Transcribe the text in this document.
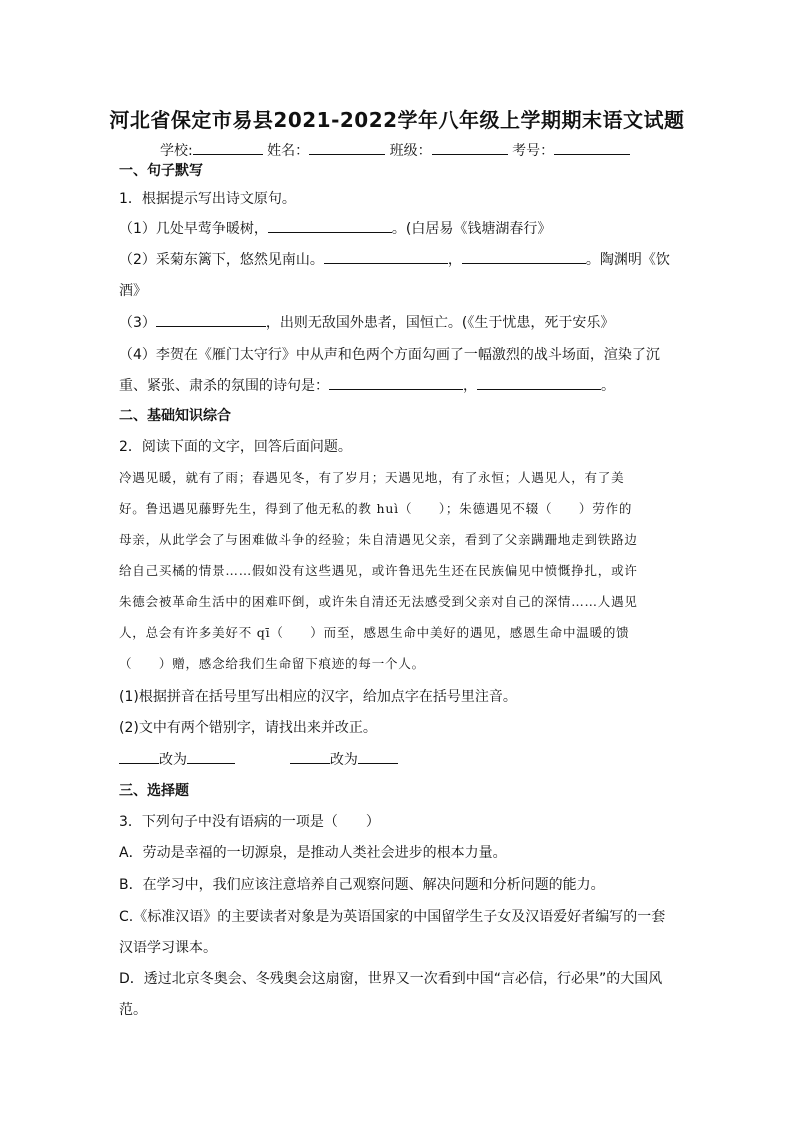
河北省保定市易县2021-2022学年八年级上学期期末语文试题
学校:	姓名：	班级：	考号：
一、句子默写
1．根据提示写出诗文原句。
（1）几处早莺争暖树，	。(白居易《钱塘湖春行》
（2）采菊东篱下，悠然见南山。	，	。陶渊明《饮
酒》
（3）	，出则无敌国外患者，国恒亡。(《生于忧患，死于安乐》
（4）李贺在《雁门太守行》中从声和色两个方面勾画了一幅激烈的战斗场面，渲染了沉
重、紧张、肃杀的氛围的诗句是：	，	。
二、基础知识综合
2．阅读下面的文字，回答后面问题。
冷遇见暖，就有了雨；春遇见冬，有了岁月；天遇见地，有了永恒；人遇见人，有了美
好。鲁迅遇见藤野先生，得到了他无私的教 huì（　　）；朱德遇见不辍（　　）劳作的
母亲，从此学会了与困难做斗争的经验；朱自清遇见父亲，看到了父亲蹒跚地走到铁路边
给自己买橘的情景……假如没有这些遇见，或许鲁迅先生还在民族偏见中愤慨挣扎，或许
朱德会被革命生活中的困难吓倒，或许朱自清还无法感受到父亲对自己的深情……人遇见
人，总会有许多美好不 qī（　　）而至，感恩生命中美好的遇见，感恩生命中温暖的馈
（　　）赠，感念给我们生命留下痕迹的每一个人。
(1)根据拼音在括号里写出相应的汉字，给加点字在括号里注音。
(2)文中有两个错别字，请找出来并改正。
改为	改为
三、选择题
3．下列句子中没有语病的一项是（　　）
A．劳动是幸福的一切源泉，是推动人类社会进步的根本力量。
B．在学习中，我们应该注意培养自己观察问题、解决问题和分析问题的能力。
C.《标准汉语》的主要读者对象是为英语国家的中国留学生子女及汉语爱好者编写的一套
汉语学习课本。
D．透过北京冬奥会、冬残奥会这扇窗，世界又一次看到中国“言必信，行必果”的大国风
范。
